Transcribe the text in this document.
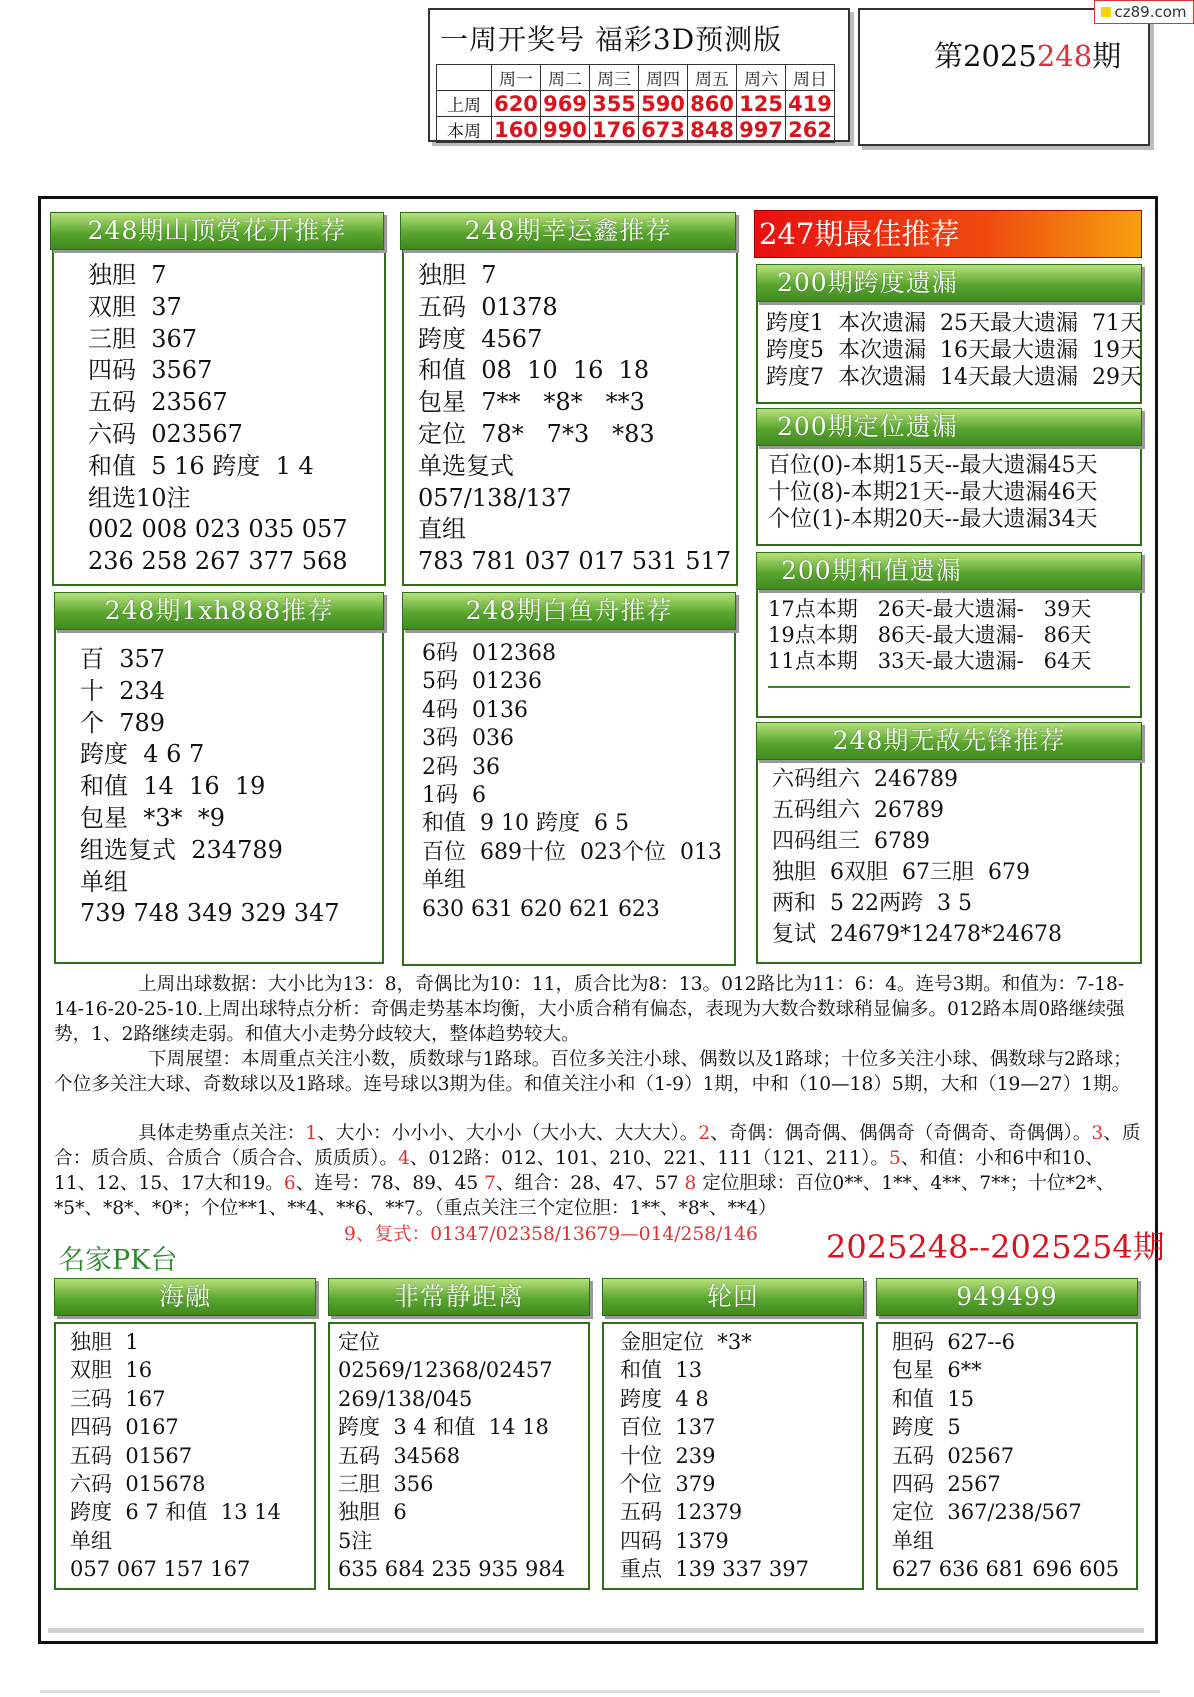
一周开奖号 福彩3D预测版
	周一	周二	周三	周四	周五	周六	周日
上周	620	969	355	590	860	125	419
本周	160	990	176	673	848	997	262
第2025248期
cz89.com
独胆  7
双胆  37
三胆  367
四码  3567
五码  23567
六码  023567
和值  5 16 跨度  1 4
组选10注
002 008 023 035 057
236 258 267 377 568
248期山顶赏花开推荐
独胆  7
五码  01378
跨度  4567
和值  08  10  16  18
包星  7**   *8*   **3
定位  78*   7*3   *83
单选复式
057/138/137
直组
783 781 037 017 531 517
248期幸运鑫推荐	247期最佳推荐
跨度1  本次遗漏  25天最大遗漏  71天
跨度5  本次遗漏  16天最大遗漏  19天
跨度7  本次遗漏  14天最大遗漏  29天
200期跨度遗漏
百位(0)-本期15天--最大遗漏45天
十位(8)-本期21天--最大遗漏46天
个位(1)-本期20天--最大遗漏34天
200期定位遗漏
17点本期   26天-最大遗漏-   39天
19点本期   86天-最大遗漏-   86天
11点本期   33天-最大遗漏-   64天
200期和值遗漏
百  357
十  234
个  789
跨度  4 6 7
和值  14  16  19
包星  *3*  *9
组选复式  234789
单组
739 748 349 329 347
248期1xh888推荐
6码  012368
5码  01236
4码  0136
3码  036
2码  36
1码  6
和值  9 10 跨度  6 5
百位  689十位  023个位  013
单组
630 631 620 621 623
248期白鱼舟推荐
六码组六  246789
五码组六  26789
四码组三  6789
独胆  6双胆  67三胆  679
两和  5 22两跨  3 5
复试  24679*12478*24678
248期无敌先锋推荐
上周出球数据：大小比为13：8，奇偶比为10：11，质合比为8：13。012路比为11：6：4。连号3期。和值为：7-18-14-16-20-25-10.上周出球特点分析：奇偶走势基本均衡，大小质合稍有偏态，表现为大数合数球稍显偏多。012路本周0路继续强势，1、2路继续走弱。和值大小走势分歧较大，整体趋势较大。
下周展望：本周重点关注小数，质数球与1路球。百位多关注小球、偶数以及1路球；十位多关注小球、偶数球与2路球；个位多关注大球、奇数球以及1路球。连号球以3期为佳。和值关注小和（1-9）1期，中和（10—18）5期，大和（19—27）1期。
具体走势重点关注：1、大小：小小小、大小小（大小大、大大大）。2、奇偶：偶奇偶、偶偶奇（奇偶奇、奇偶偶）。3、质合：质合质、合质合（质合合、质质质）。4、012路：012、101、210、221、111（121、211）。5、和值：小和6中和10、11、12、15、17大和19。6、连号：78、89、45 7、组合：28、47、57 8 定位胆球：百位0**、1**、4**、7**；十位*2*、*5*、*8*、*0*；个位**1、**4、**6、**7。（重点关注三个定位胆：1**、*8*、**4）
9、复式：01347/02358/13679—014/258/146	2025248--2025254期
名家PK台
独胆  1
双胆  16
三码  167
四码  0167
五码  01567
六码  015678
跨度  6 7 和值  13 14
单组
057 067 157 167
海融
定位
02569/12368/02457
269/138/045
跨度  3 4 和值  14 18
五码  34568
三胆  356
独胆  6
5注
635 684 235 935 984
非常静距离
金胆定位  *3*
和值  13
跨度  4 8
百位  137
十位  239
个位  379
五码  12379
四码  1379
重点  139 337 397
轮回
胆码  627--6
包星  6**
和值  15
跨度  5
五码  02567
四码  2567
定位  367/238/567
单组
627 636 681 696 605
949499
